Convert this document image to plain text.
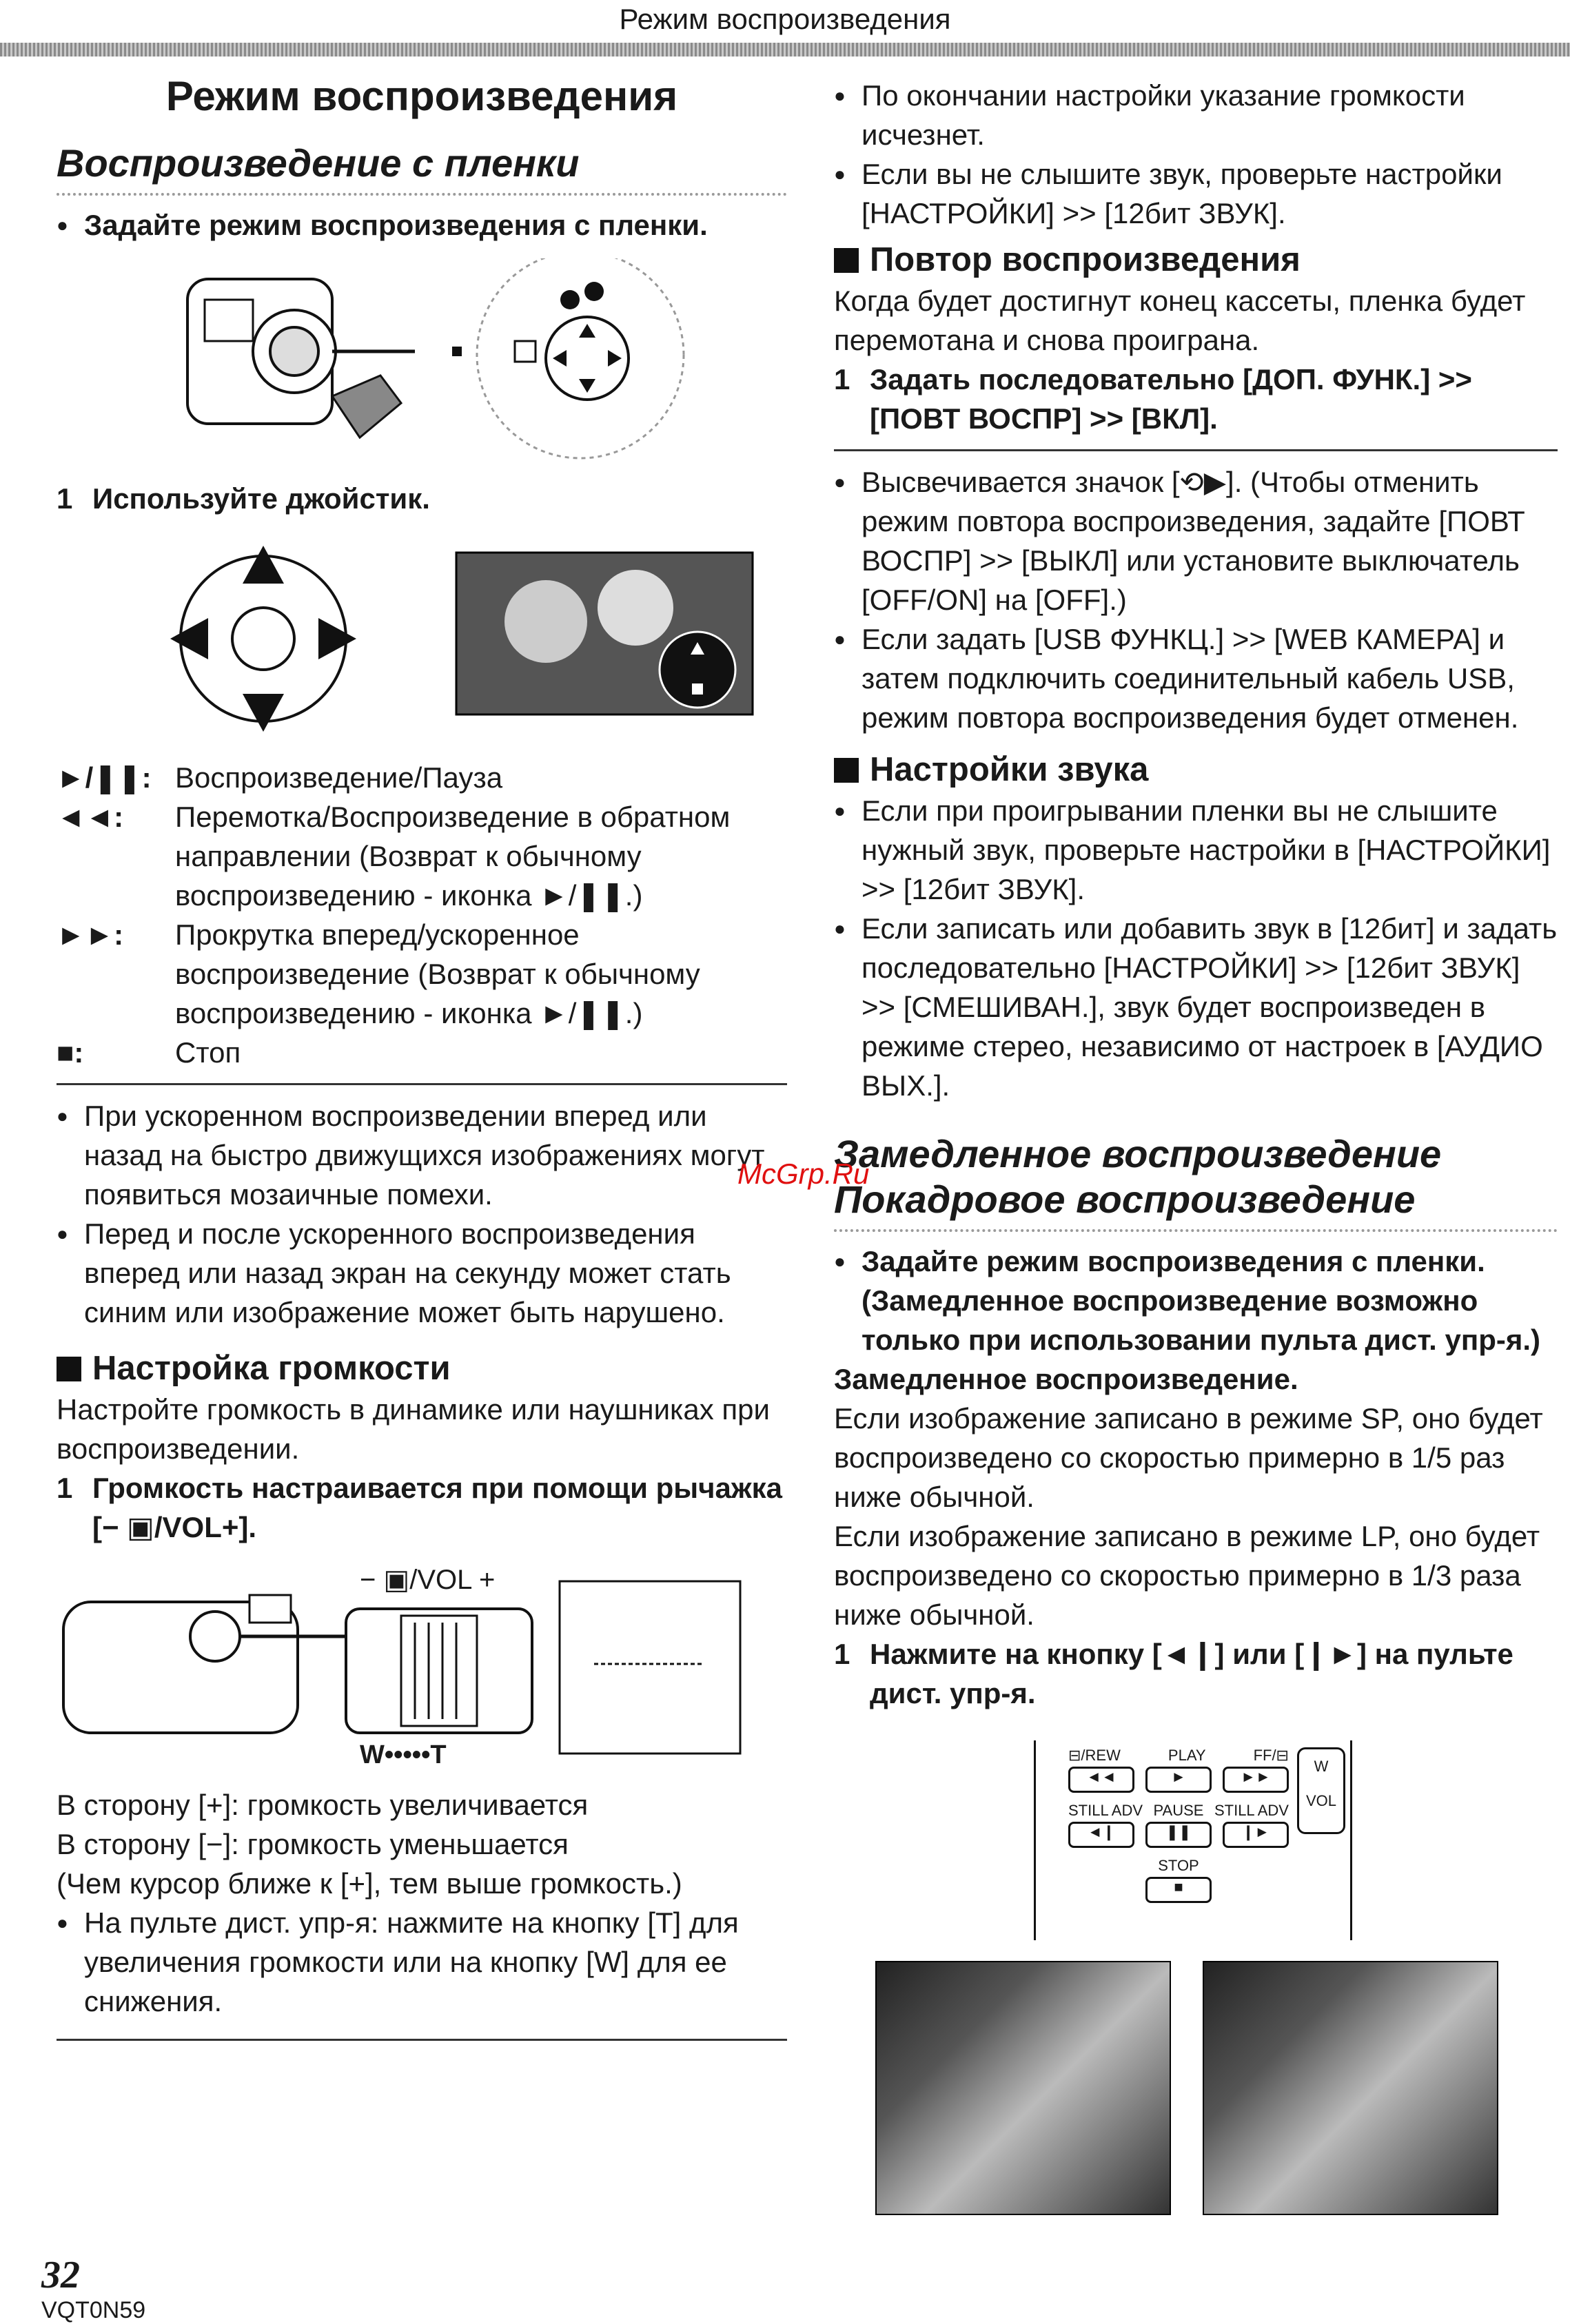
Режим воспроизведения
Режим воспроизведения
Воспроизведение с пленки

● Задайте режим воспроизведения с пленки.

1 Используйте джойстик.

►/❚❚: Воспроизведение/Пауза
◄◄:	Перемотка/Воспроизведение в обратном направлении (Возврат к обычному воспроизведению - иконка ►/❚❚.)
►►:	Прокрутка вперед/ускоренное воспроизведение (Возврат к обычному воспроизведению - иконка ►/❚❚.)
■:	Стоп

● При ускоренном воспроизведении вперед или назад на быстро движущихся изображениях могут появиться мозаичные помехи.

● Перед и после ускоренного воспроизведения вперед или назад экран на секунду может стать синим или изображение может быть нарушено.

Настройка громкости

Настройте громкость в динамике или наушниках при воспроизведении.

1 Громкость настраивается при помощи рычажка [− ▣/VOL+].

− ▣/VOL +
W•••••T

В сторону [+]: громкость увеличивается

В сторону [−]: громкость уменьшается

(Чем курсор ближе к [+], тем выше громкость.)

● На пульте дист. упр-я: нажмите на кнопку [T] для увеличения громкости или на кнопку [W] для ее снижения.

● По окончании настройки указание громкости исчезнет.

● Если вы не слышите звук, проверьте настройки [НАСТРОЙКИ] >> [12бит ЗВУК].

Повтор воспроизведения

Когда будет достигнут конец кассеты, пленка будет перемотана и снова проиграна.

1 Задать последовательно [ДОП. ФУНК.] >> [ПОВТ ВОСПР] >> [ВКЛ].

● Высвечивается значок [⟲▶]. (Чтобы отменить режим повтора воспроизведения, задайте [ПОВТ ВОСПР] >> [ВЫКЛ] или установите выключатель [OFF/ON] на [OFF].)

● Если задать [USB ФУНКЦ.] >> [WEB КАМЕРА] и затем подключить соединительный кабель USB, режим повтора воспроизведения будет отменен.

Настройки звука

● Если при проигрывании пленки вы не слышите нужный звук, проверьте настройки в [НАСТРОЙКИ] >> [12бит ЗВУК].

● Если записать или добавить звук в [12бит] и задать последовательно [НАСТРОЙКИ] >> [12бит ЗВУК] >> [СМЕШИВАН.], звук будет воспроизведен в режиме стерео, независимо от настроек в [АУДИО ВЫХ.].

Замедленное воспроизведение
Покадровое воспроизведение

● Задайте режим воспроизведения с пленки. (Замедленное воспроизведение возможно только при использовании пульта дист. упр-я.)

Замедленное воспроизведение.

Если изображение записано в режиме SP, оно будет воспроизведено со скоростью примерно в 1/5 раз ниже обычной.

Если изображение записано в режиме LP, оно будет воспроизведено со скоростью примерно в 1/3 раза ниже обычной.

1 Нажмите на кнопку [◄❙] или [❙►] на пульте дист. упр-я.

⊟/REW	PLAY	FF/⊟
◄◄	►	►►
STILL ADV PAUSE STILL ADV
◄❙	❚❚	❙►
STOP
■
W
VOL
McGrp.Ru
32
VQT0N59
